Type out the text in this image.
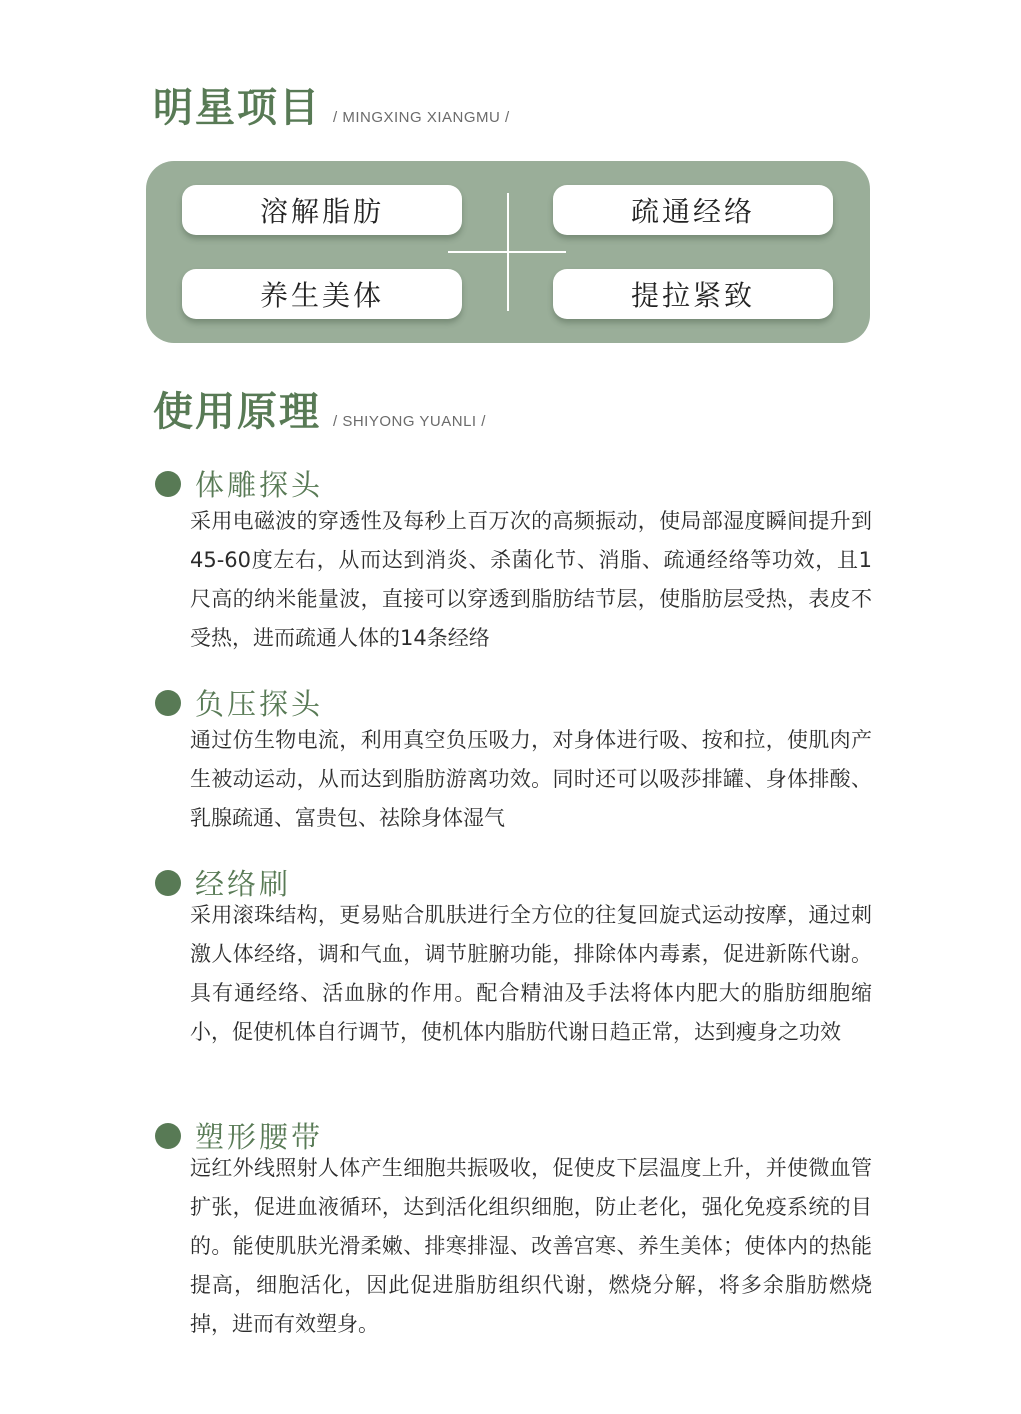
明星项目 / MINGXING XIANGMU /
溶解脂肪	疏通经络
养生美体	提拉紧致
使用原理 / SHIYONG YUANLI /
体雕探头
采用电磁波的穿透性及每秒上百万次的高频振动，使局部湿度瞬间提升到45-60度左右，从而达到消炎、杀菌化节、消脂、疏通经络等功效，且1尺高的纳米能量波，直接可以穿透到脂肪结节层，使脂肪层受热，表皮不受热，进而疏通人体的14条经络
负压探头
通过仿生物电流，利用真空负压吸力，对身体进行吸、按和拉，使肌肉产生被动运动，从而达到脂肪游离功效。同时还可以吸莎排罐、身体排酸、乳腺疏通、富贵包、祛除身体湿气
经络刷
采用滚珠结构，更易贴合肌肤进行全方位的往复回旋式运动按摩，通过刺激人体经络，调和气血，调节脏腑功能，排除体内毒素，促进新陈代谢。具有通经络、活血脉的作用。配合精油及手法将体内肥大的脂肪细胞缩小，促使机体自行调节，使机体内脂肪代谢日趋正常，达到瘦身之功效
塑形腰带
远红外线照射人体产生细胞共振吸收，促使皮下层温度上升，并使微血管扩张，促进血液循环，达到活化组织细胞，防止老化，强化免疫系统的目的。能使肌肤光滑柔嫩、排寒排湿、改善宫寒、养生美体；使体内的热能提高，细胞活化，因此促进脂肪组织代谢，燃烧分解，将多余脂肪燃烧掉，进而有效塑身。
